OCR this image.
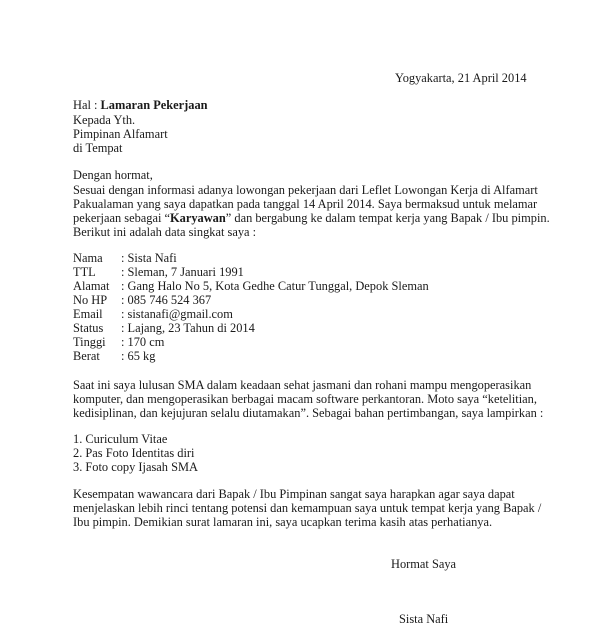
Yogyakarta, 21 April 2014
Hal : Lamaran Pekerjaan
Kepada Yth.
Pimpinan Alfamart
di Tempat
Dengan hormat,
Sesuai dengan informasi adanya lowongan pekerjaan dari Leflet Lowongan Kerja di Alfamart
Pakualaman yang saya dapatkan pada tanggal 14 April 2014. Saya bermaksud untuk melamar
pekerjaan sebagai “Karyawan” dan bergabung ke dalam tempat kerja yang Bapak / Ibu pimpin.
Berikut ini adalah data singkat saya :
Nama	: Sista Nafi
TTL	: Sleman, 7 Januari 1991
Alamat : Gang Halo No 5, Kota Gedhe Catur Tunggal, Depok Sleman
No HP	: 085 746 524 367
Email	: sistanafi@gmail.com
Status	: Lajang, 23 Tahun di 2014
Tinggi	: 170 cm
Berat	: 65 kg
Saat ini saya lulusan SMA dalam keadaan sehat jasmani dan rohani mampu mengoperasikan
komputer, dan mengoperasikan berbagai macam software perkantoran. Moto saya “ketelitian,
kedisiplinan, dan kejujuran selalu diutamakan”. Sebagai bahan pertimbangan, saya lampirkan :
1. Curiculum Vitae
2. Pas Foto Identitas diri
3. Foto copy Ijasah SMA
Kesempatan wawancara dari Bapak / Ibu Pimpinan sangat saya harapkan agar saya dapat
menjelaskan lebih rinci tentang potensi dan kemampuan saya untuk tempat kerja yang Bapak /
Ibu pimpin. Demikian surat lamaran ini, saya ucapkan terima kasih atas perhatianya.
Hormat Saya
Sista Nafi
